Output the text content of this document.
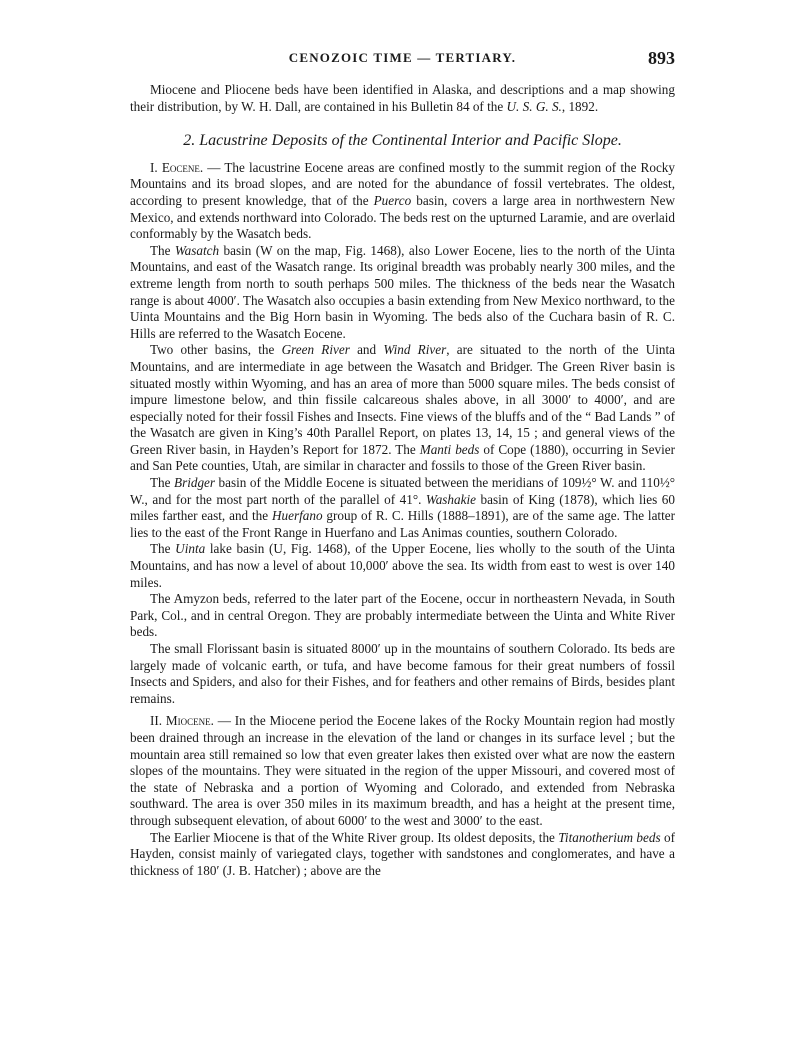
CENOZOIC TIME — TERTIARY.	893

Miocene and Pliocene beds have been identified in Alaska, and descriptions and a map showing their distribution, by W. H. Dall, are contained in his Bulletin 84 of the U. S. G. S., 1892.

2. Lacustrine Deposits of the Continental Interior and Pacific Slope.

I. Eocene. — The lacustrine Eocene areas are confined mostly to the summit region of the Rocky Mountains and its broad slopes, and are noted for the abundance of fossil vertebrates. The oldest, according to present knowledge, that of the Puerco basin, covers a large area in northwestern New Mexico, and extends northward into Colorado. The beds rest on the upturned Laramie, and are overlaid conformably by the Wasatch beds.

The Wasatch basin (W on the map, Fig. 1468), also Lower Eocene, lies to the north of the Uinta Mountains, and east of the Wasatch range. Its original breadth was probably nearly 300 miles, and the extreme length from north to south perhaps 500 miles. The thickness of the beds near the Wasatch range is about 4000′. The Wasatch also occupies a basin extending from New Mexico northward, to the Uinta Mountains and the Big Horn basin in Wyoming. The beds also of the Cuchara basin of R. C. Hills are referred to the Wasatch Eocene.

Two other basins, the Green River and Wind River, are situated to the north of the Uinta Mountains, and are intermediate in age between the Wasatch and Bridger. The Green River basin is situated mostly within Wyoming, and has an area of more than 5000 square miles. The beds consist of impure limestone below, and thin fissile calcareous shales above, in all 3000′ to 4000′, and are especially noted for their fossil Fishes and Insects. Fine views of the bluffs and of the “ Bad Lands ” of the Wasatch are given in King’s 40th Parallel Report, on plates 13, 14, 15 ; and general views of the Green River basin, in Hayden’s Report for 1872. The Manti beds of Cope (1880), occurring in Sevier and San Pete counties, Utah, are similar in character and fossils to those of the Green River basin.

The Bridger basin of the Middle Eocene is situated between the meridians of 109½° W. and 110½° W., and for the most part north of the parallel of 41°. Washakie basin of King (1878), which lies 60 miles farther east, and the Huerfano group of R. C. Hills (1888–1891), are of the same age. The latter lies to the east of the Front Range in Huerfano and Las Animas counties, southern Colorado.

The Uinta lake basin (U, Fig. 1468), of the Upper Eocene, lies wholly to the south of the Uinta Mountains, and has now a level of about 10,000′ above the sea. Its width from east to west is over 140 miles.

The Amyzon beds, referred to the later part of the Eocene, occur in northeastern Nevada, in South Park, Col., and in central Oregon. They are probably intermediate between the Uinta and White River beds.

The small Florissant basin is situated 8000′ up in the mountains of southern Colorado. Its beds are largely made of volcanic earth, or tufa, and have become famous for their great numbers of fossil Insects and Spiders, and also for their Fishes, and for feathers and other remains of Birds, besides plant remains.

II. Miocene. — In the Miocene period the Eocene lakes of the Rocky Mountain region had mostly been drained through an increase in the elevation of the land or changes in its surface level ; but the mountain area still remained so low that even greater lakes then existed over what are now the eastern slopes of the mountains. They were situated in the region of the upper Missouri, and covered most of the state of Nebraska and a portion of Wyoming and Colorado, and extended from Nebraska southward. The area is over 350 miles in its maximum breadth, and has a height at the present time, through subsequent elevation, of about 6000′ to the west and 3000′ to the east.

The Earlier Miocene is that of the White River group. Its oldest deposits, the Titanotherium beds of Hayden, consist mainly of variegated clays, together with sandstones and conglomerates, and have a thickness of 180′ (J. B. Hatcher) ; above are the
